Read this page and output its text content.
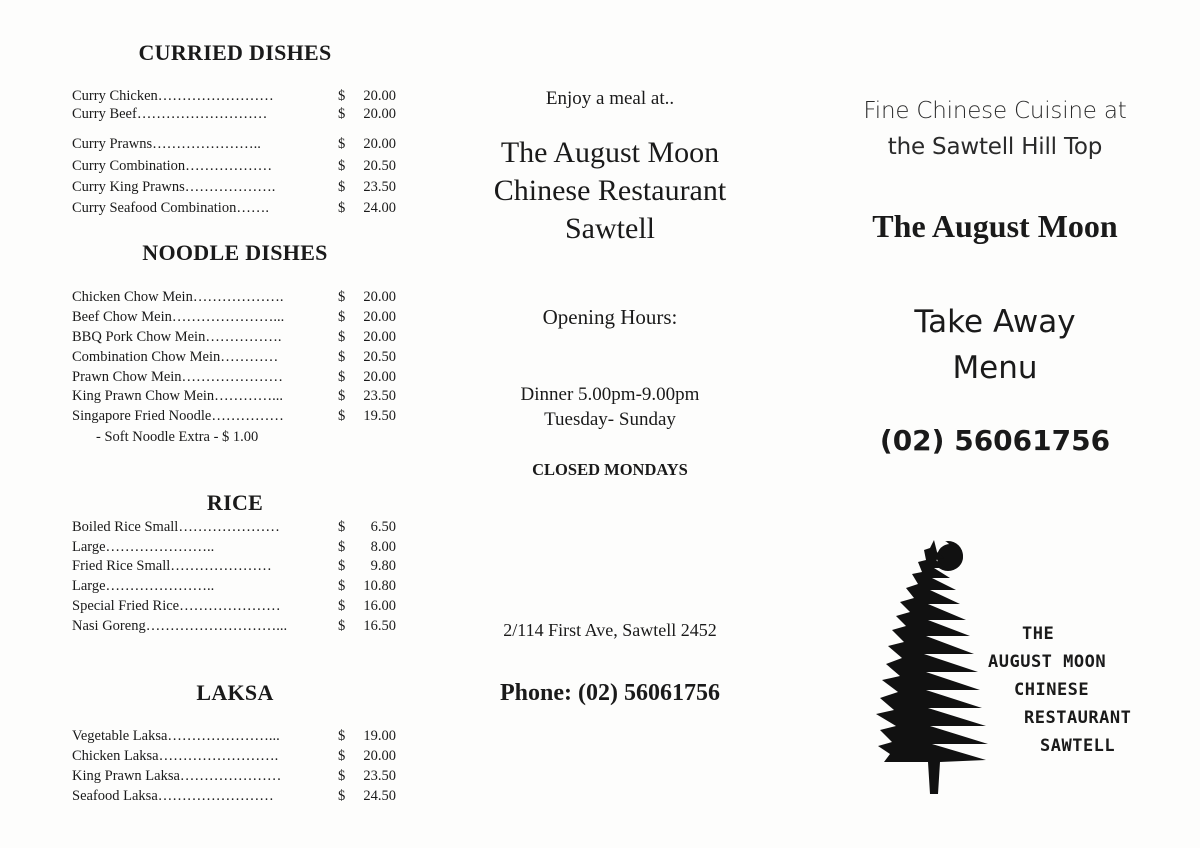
CURRIED DISHES
Curry Chicken……………………	$ 20.00
Curry Beef………………………	$ 20.00
Curry Prawns…………………..	$ 20.00
Curry Combination………………	$ 20.50
Curry King Prawns……………….	$ 23.50
Curry Seafood Combination…….	$ 24.00
NOODLE DISHES
Chicken Chow Mein……………….	$ 20.00
Beef Chow Mein…………………...	$ 20.00
BBQ Pork Chow Mein…………….	$ 20.00
Combination Chow Mein…………	$ 20.50
Prawn Chow Mein…………………	$ 20.00
King Prawn Chow Mein…………...	$ 23.50
Singapore Fried Noodle……………	$ 19.50
- Soft Noodle Extra - $ 1.00
RICE
Boiled Rice Small…………………	$ 6.50
Large…………………..	$ 8.00
Fried Rice Small…………………	$ 9.80
Large…………………..	$ 10.80
Special Fried Rice…………………	$ 16.00
Nasi Goreng………………………...	$ 16.50
LAKSA
Vegetable Laksa…………………...	$ 19.00
Chicken Laksa…………………….	$ 20.00
King Prawn Laksa…………………	$ 23.50
Seafood Laksa……………………	$ 24.50
Enjoy a meal at..
The August Moon
Chinese Restaurant
Sawtell
Opening Hours:
Dinner 5.00pm-9.00pm
Tuesday- Sunday
CLOSED MONDAYS
2/114 First Ave, Sawtell 2452
Phone: (02) 56061756
Fine Chinese Cuisine at
the Sawtell Hill Top
The August Moon
Take Away
Menu
(02) 56061756
THE
AUGUST MOON
CHINESE
RESTAURANT
SAWTELL
